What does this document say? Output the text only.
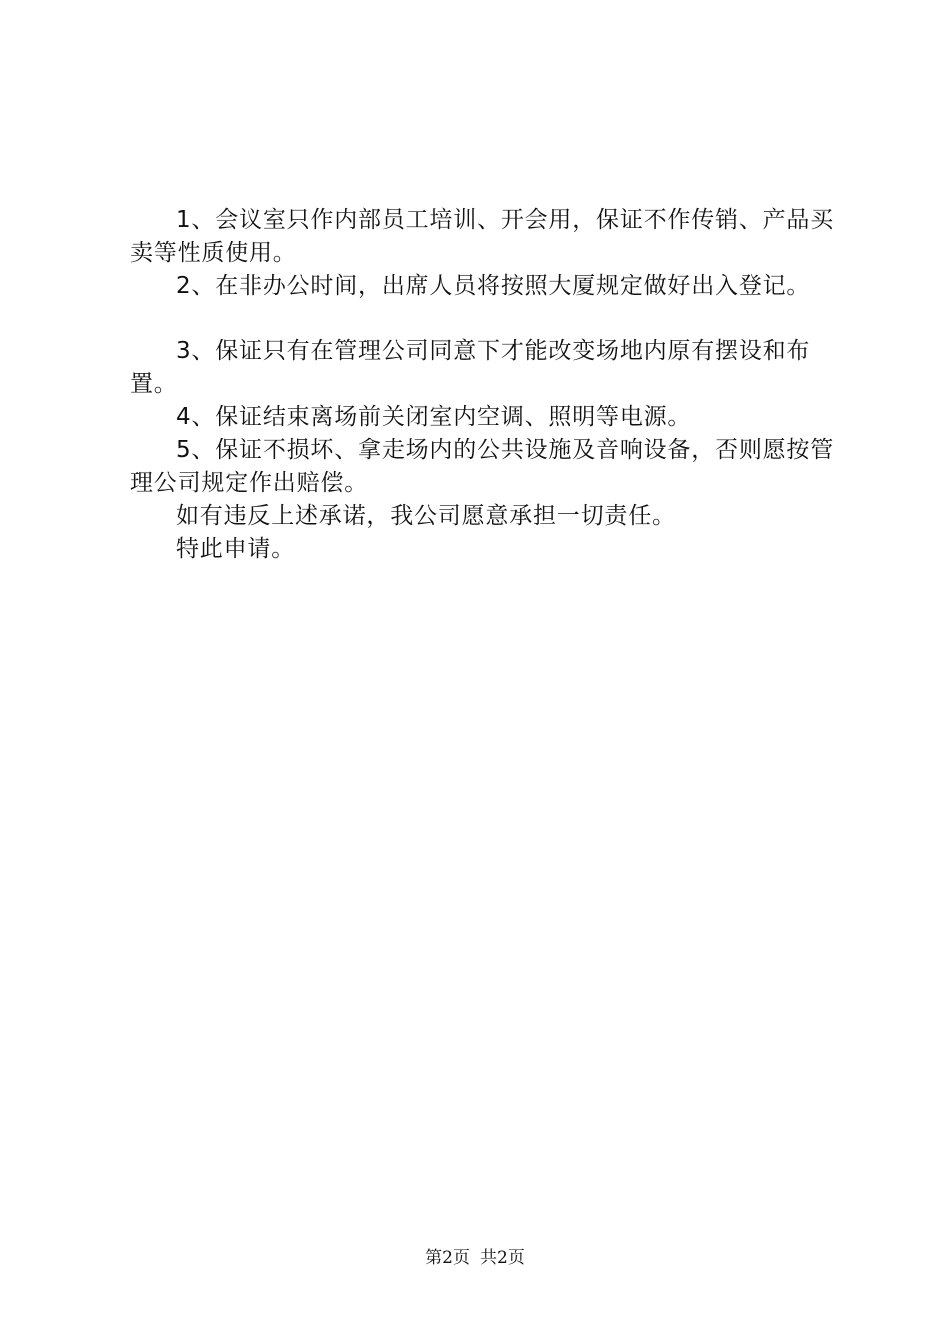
1、会议室只作内部员工培训、开会用，保证不作传销、产品买卖等性质使用。

2、在非办公时间，出席人员将按照大厦规定做好出入登记。

3、保证只有在管理公司同意下才能改变场地内原有摆设和布置。

4、保证结束离场前关闭室内空调、照明等电源。

5、保证不损坏、拿走场内的公共设施及音响设备，否则愿按管理公司规定作出赔偿。

如有违反上述承诺，我公司愿意承担一切责任。

特此申请。

第2页 共2页
